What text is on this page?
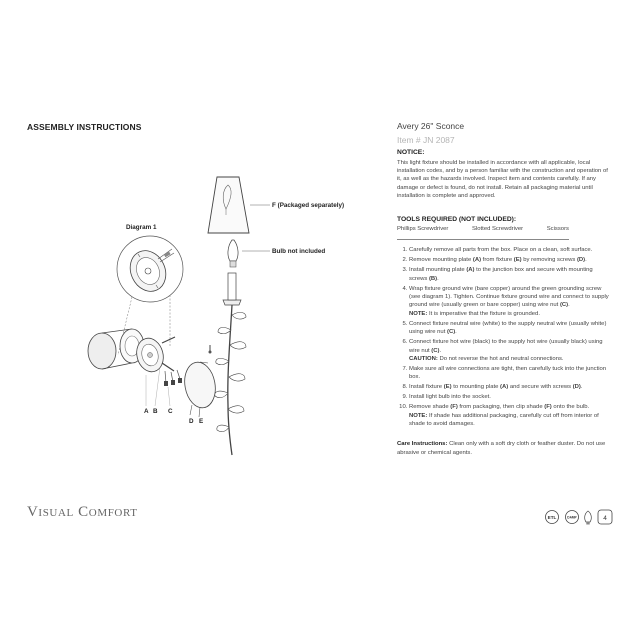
ASSEMBLY INSTRUCTIONS
Diagram 1
A B C
D E
F (Packaged separately)
Bulb not included
Visual Comfort
Avery 26" Sconce
Item # JN 2087
NOTICE:
This light fixture should be installed in accordance with all applicable, local installation codes, and by a person familiar with the construction and operation of it, as well as the hazards involved. Inspect item and contents carefully. If any damage or defect is found, do not install. Retain all packaging material until installation is complete and approved.
TOOLS REQUIRED (NOT INCLUDED):
Phillips Screwdriver	Slotted Screwdriver	Scissors
1. Carefully remove all parts from the box. Place on a clean, soft surface.
2. Remove mounting plate (A) from fixture (E) by removing screws (D).
3. Install mounting plate (A) to the junction box and secure with mounting screws (B).
4. Wrap fixture ground wire (bare copper) around the green grounding screw (see diagram 1). Tighten. Continue fixture ground wire and connect to supply ground wire (usually green or bare copper) using wire nut (C).
NOTE: It is imperative that the fixture is grounded.
5. Connect fixture neutral wire (white) to the supply neutral wire (usually white) using wire nut (C).
6. Connect fixture hot wire (black) to the supply hot wire (usually black) using wire nut (C).
CAUTION: Do not reverse the hot and neutral connections.
7. Make sure all wire connections are tight, then carefully tuck into the junction box.
8. Install fixture (E) to mounting plate (A) and secure with screws (D).
9. Install light bulb into the socket.
10. Remove shade (F) from packaging, then clip shade (F) onto the bulb.
NOTE: If shade has additional packaging, carefully cut off from interior of shade to avoid damages.
Care Instructions: Clean only with a soft dry cloth or feather duster. Do not use abrasive or chemical agents.
ETL	DAMP	4
